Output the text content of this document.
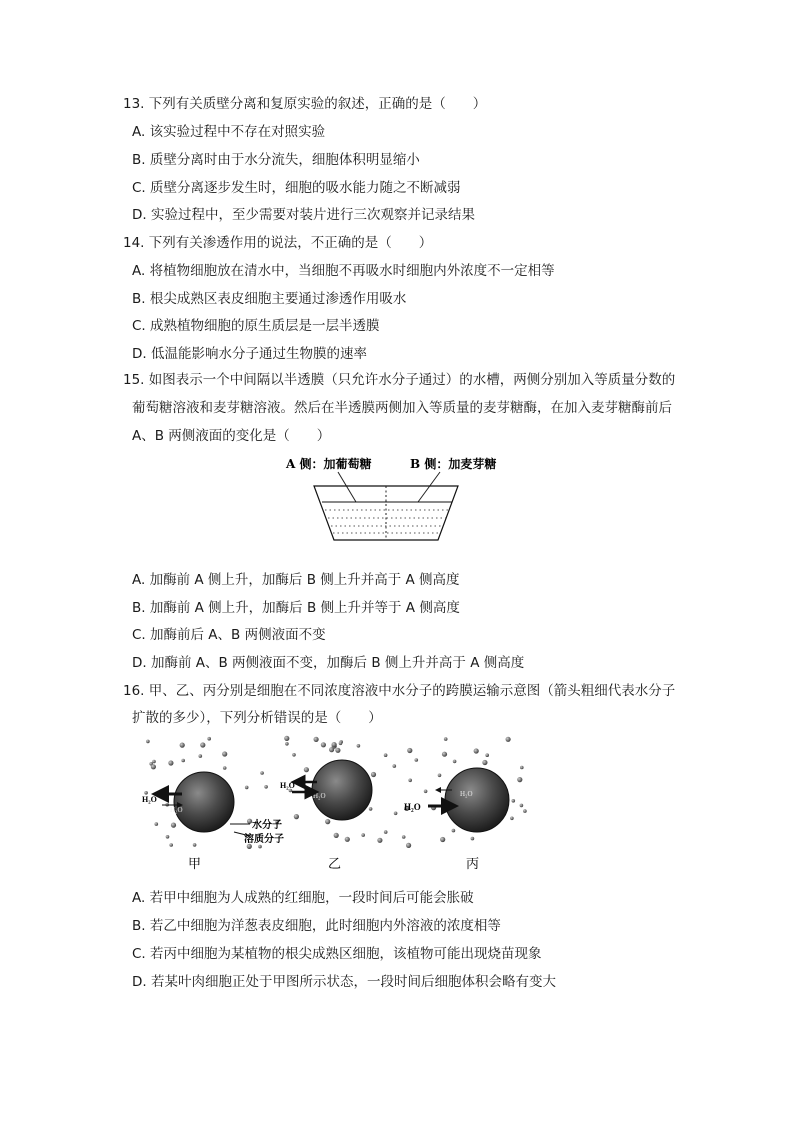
13. 下列有关质壁分离和复原实验的叙述，正确的是（　　）
A. 该实验过程中不存在对照实验
B. 质壁分离时由于水分流失，细胞体积明显缩小
C. 质壁分离逐步发生时，细胞的吸水能力随之不断减弱
D. 实验过程中，至少需要对装片进行三次观察并记录结果
14. 下列有关渗透作用的说法，不正确的是（　　）
A. 将植物细胞放在清水中，当细胞不再吸水时细胞内外浓度不一定相等
B. 根尖成熟区表皮细胞主要通过渗透作用吸水
C. 成熟植物细胞的原生质层是一层半透膜
D. 低温能影响水分子通过生物膜的速率
15. 如图表示一个中间隔以半透膜（只允许水分子通过）的水槽，两侧分别加入等质量分数的
葡萄糖溶液和麦芽糖溶液。然后在半透膜两侧加入等质量的麦芽糖酶，在加入麦芽糖酶前后
A、B 两侧液面的变化是（　　）
A 侧：加葡萄糖	B 侧：加麦芽糖
A. 加酶前 A 侧上升，加酶后 B 侧上升并高于 A 侧高度
B. 加酶前 A 侧上升，加酶后 B 侧上升并等于 A 侧高度
C. 加酶前后 A、B 两侧液面不变
D. 加酶前 A、B 两侧液面不变，加酶后 B 侧上升并高于 A 侧高度
16. 甲、乙、丙分别是细胞在不同浓度溶液中水分子的跨膜运输示意图（箭头粗细代表水分子
扩散的多少），下列分析错误的是（　　）
H₂O
H₂O
水分子
溶质分子
甲
H₂O
H₂O
乙
H₂O
H₂O
丙
A. 若甲中细胞为人成熟的红细胞，一段时间后可能会胀破
B. 若乙中细胞为洋葱表皮细胞，此时细胞内外溶液的浓度相等
C. 若丙中细胞为某植物的根尖成熟区细胞，该植物可能出现烧苗现象
D. 若某叶肉细胞正处于甲图所示状态，一段时间后细胞体积会略有变大
